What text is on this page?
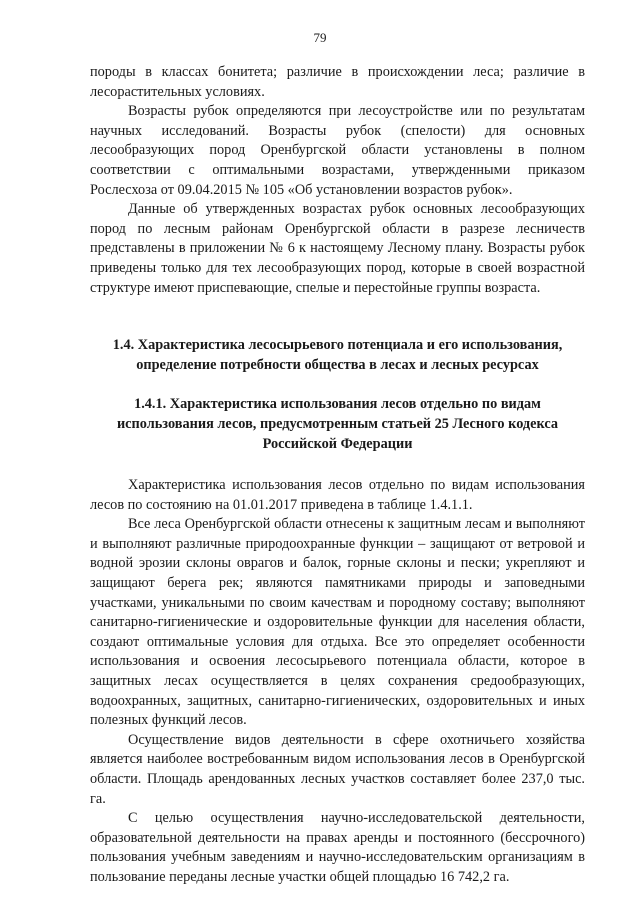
79

породы в классах бонитета; различие в происхождении леса; различие в лесорастительных условиях.

Возрасты рубок определяются при лесоустройстве или по результатам научных исследований. Возрасты рубок (спелости) для основных лесообразующих пород Оренбургской области установлены в полном соответствии с оптимальными возрастами, утвержденными приказом Рослесхоза от 09.04.2015 № 105 «Об установлении возрастов рубок».

Данные об утвержденных возрастах рубок основных лесообразующих пород по лесным районам Оренбургской области в разрезе лесничеств представлены в приложении № 6 к настоящему Лесному плану. Возрасты рубок приведены только для тех лесообразующих пород, которые в своей возрастной структуре имеют приспевающие, спелые и перестойные группы возраста.

1.4. Характеристика лесосырьевого потенциала и его использования, определение потребности общества в лесах и лесных ресурсах

1.4.1. Характеристика использования лесов отдельно по видам использования лесов, предусмотренным статьей 25 Лесного кодекса Российской Федерации

Характеристика использования лесов отдельно по видам использования лесов по состоянию на 01.01.2017 приведена в таблице 1.4.1.1.

Все леса Оренбургской области отнесены к защитным лесам и выполняют и выполняют различные природоохранные функции – защищают от ветровой и водной эрозии склоны оврагов и балок, горные склоны и пески; укрепляют и защищают берега рек; являются памятниками природы и заповедными участками, уникальными по своим качествам и породному составу; выполняют санитарно-гигиенические и оздоровительные функции для населения области, создают оптимальные условия для отдыха. Все это определяет особенности использования и освоения лесосырьевого потенциала области, которое в защитных лесах осуществляется в целях сохранения средообразующих, водоохранных, защитных, санитарно-гигиенических, оздоровительных и иных полезных функций лесов.

Осуществление видов деятельности в сфере охотничьего хозяйства является наиболее востребованным видом использования лесов в Оренбургской области. Площадь арендованных лесных участков составляет более 237,0 тыс. га.

С целью осуществления научно-исследовательской деятельности, образовательной деятельности на правах аренды и постоянного (бессрочного) пользования учебным заведениям и научно-исследовательским организациям в пользование переданы лесные участки общей площадью 16 742,2 га.
